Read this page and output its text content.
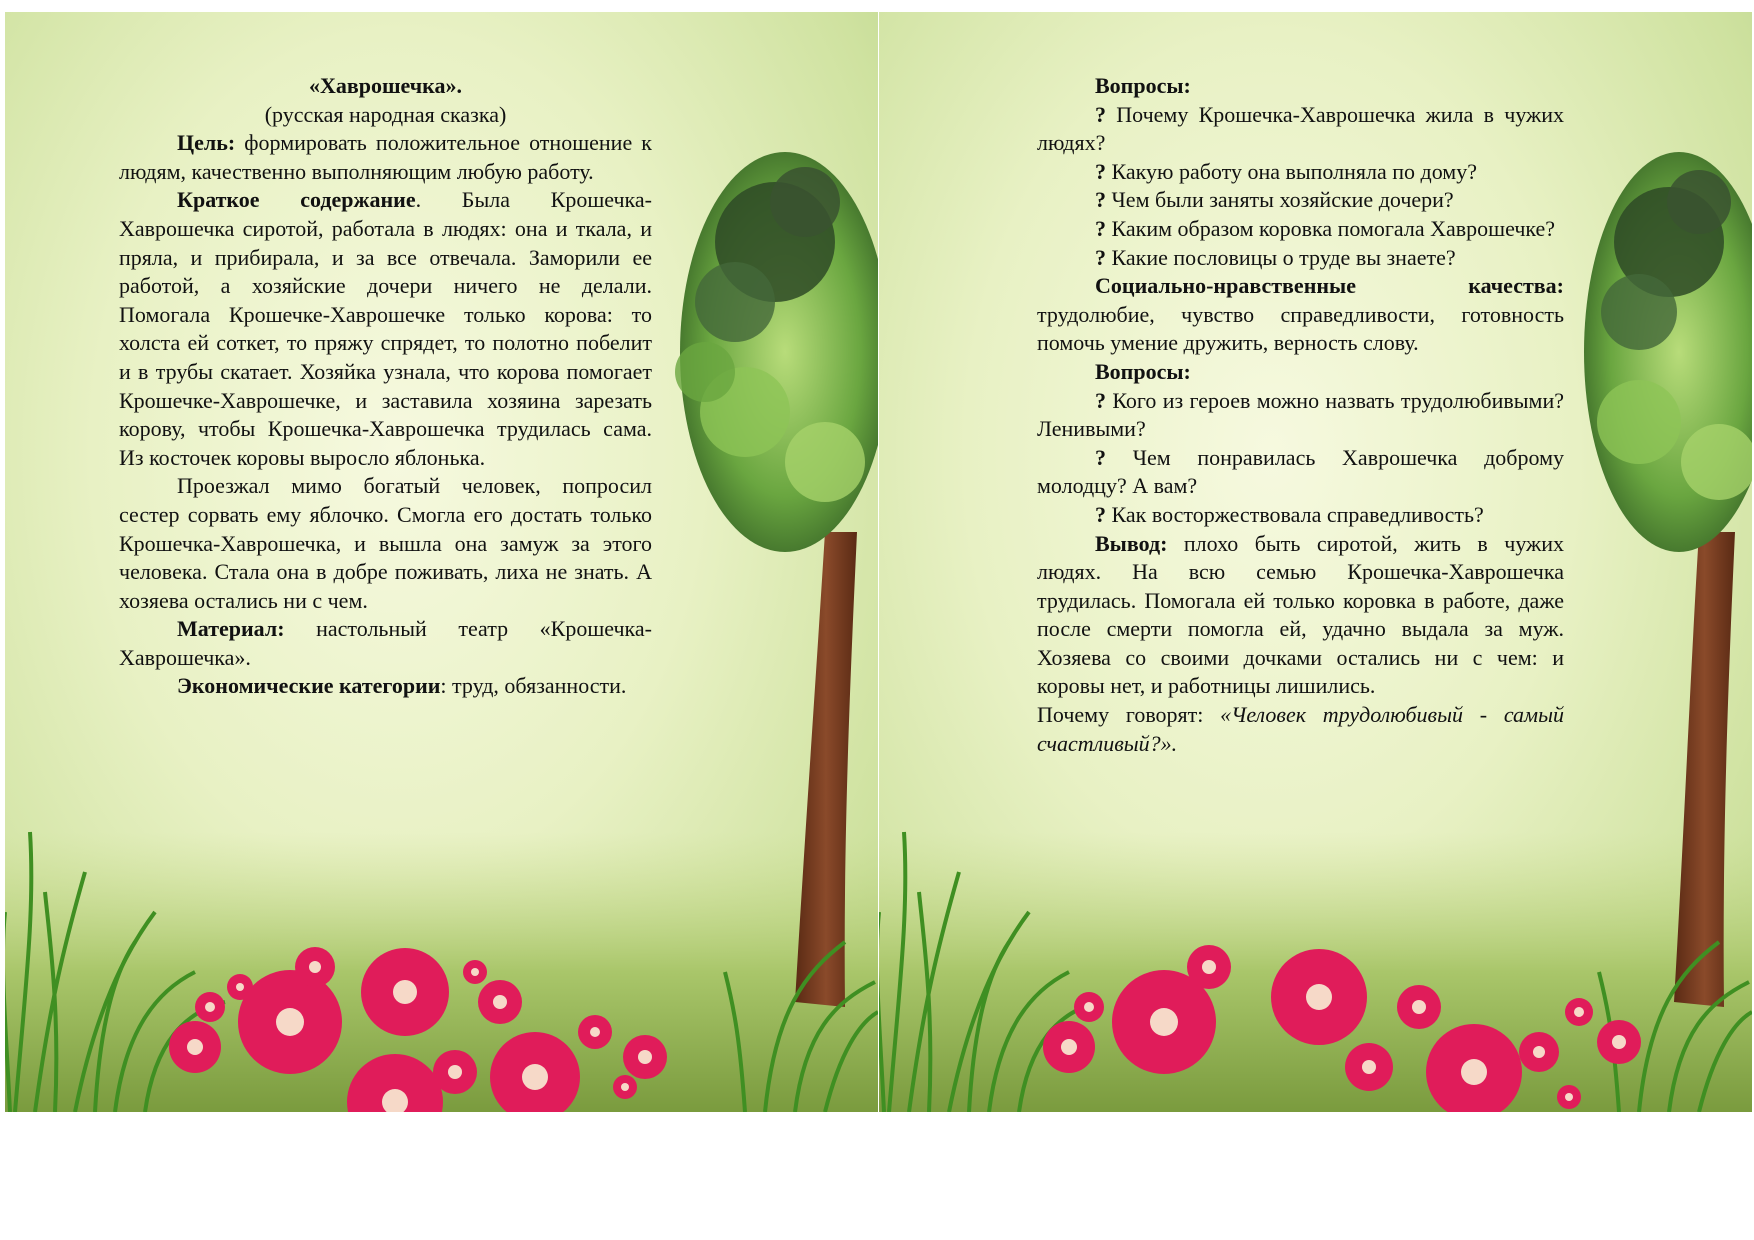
«Хаврошечка».

(русская народная сказка)

Цель: формировать положительное отношение к людям, качественно выполняющим любую работу.

Краткое содержание. Была Крошечка-Хаврошечка сиротой, работала в людях: она и ткала, и пряла, и прибирала, и за все отвечала. Заморили ее работой, а хозяйские дочери ничего не делали. Помогала Крошечке-Хаврошечке только корова: то холста ей соткет, то пряжу спрядет, то полотно побелит и в трубы скатает. Хозяйка узнала, что корова помогает Крошечке-Хаврошечке, и заставила хозяина зарезать корову, чтобы Крошечка-Хаврошечка трудилась сама. Из косточек коровы выросло яблонька.

Проезжал мимо богатый человек, попросил сестер сорвать ему яблочко. Смогла его достать только Крошечка-Хаврошечка, и вышла она замуж за этого человека. Стала она в добре поживать, лиха не знать. А хозяева остались ни с чем.

Материал: настольный театр «Крошечка-Хаврошечка».

Экономические категории: труд, обязанности.

Вопросы:

? Почему Крошечка-Хаврошечка жила в чужих людях?

? Какую работу она выполняла по дому?

? Чем были заняты хозяйские дочери?

? Каким образом коровка помогала Хаврошечке?

? Какие пословицы о труде вы знаете?

Социально-нравственные качества: трудолюбие, чувство справедливости, готовность помочь умение дружить, верность слову.

Вопросы:

? Кого из героев можно назвать трудолюбивыми? Ленивыми?

? Чем понравилась Хаврошечка доброму молодцу? А вам?

? Как восторжествовала справедливость?

Вывод: плохо быть сиротой, жить в чужих людях. На всю семью Крошечка-Хаврошечка трудилась. Помогала ей только коровка в работе, даже после смерти помогла ей, удачно выдала за муж. Хозяева со своими дочками остались ни с чем: и коровы нет, и работницы лишились.

Почему говорят: «Человек трудолюбивый - самый счастливый?».
